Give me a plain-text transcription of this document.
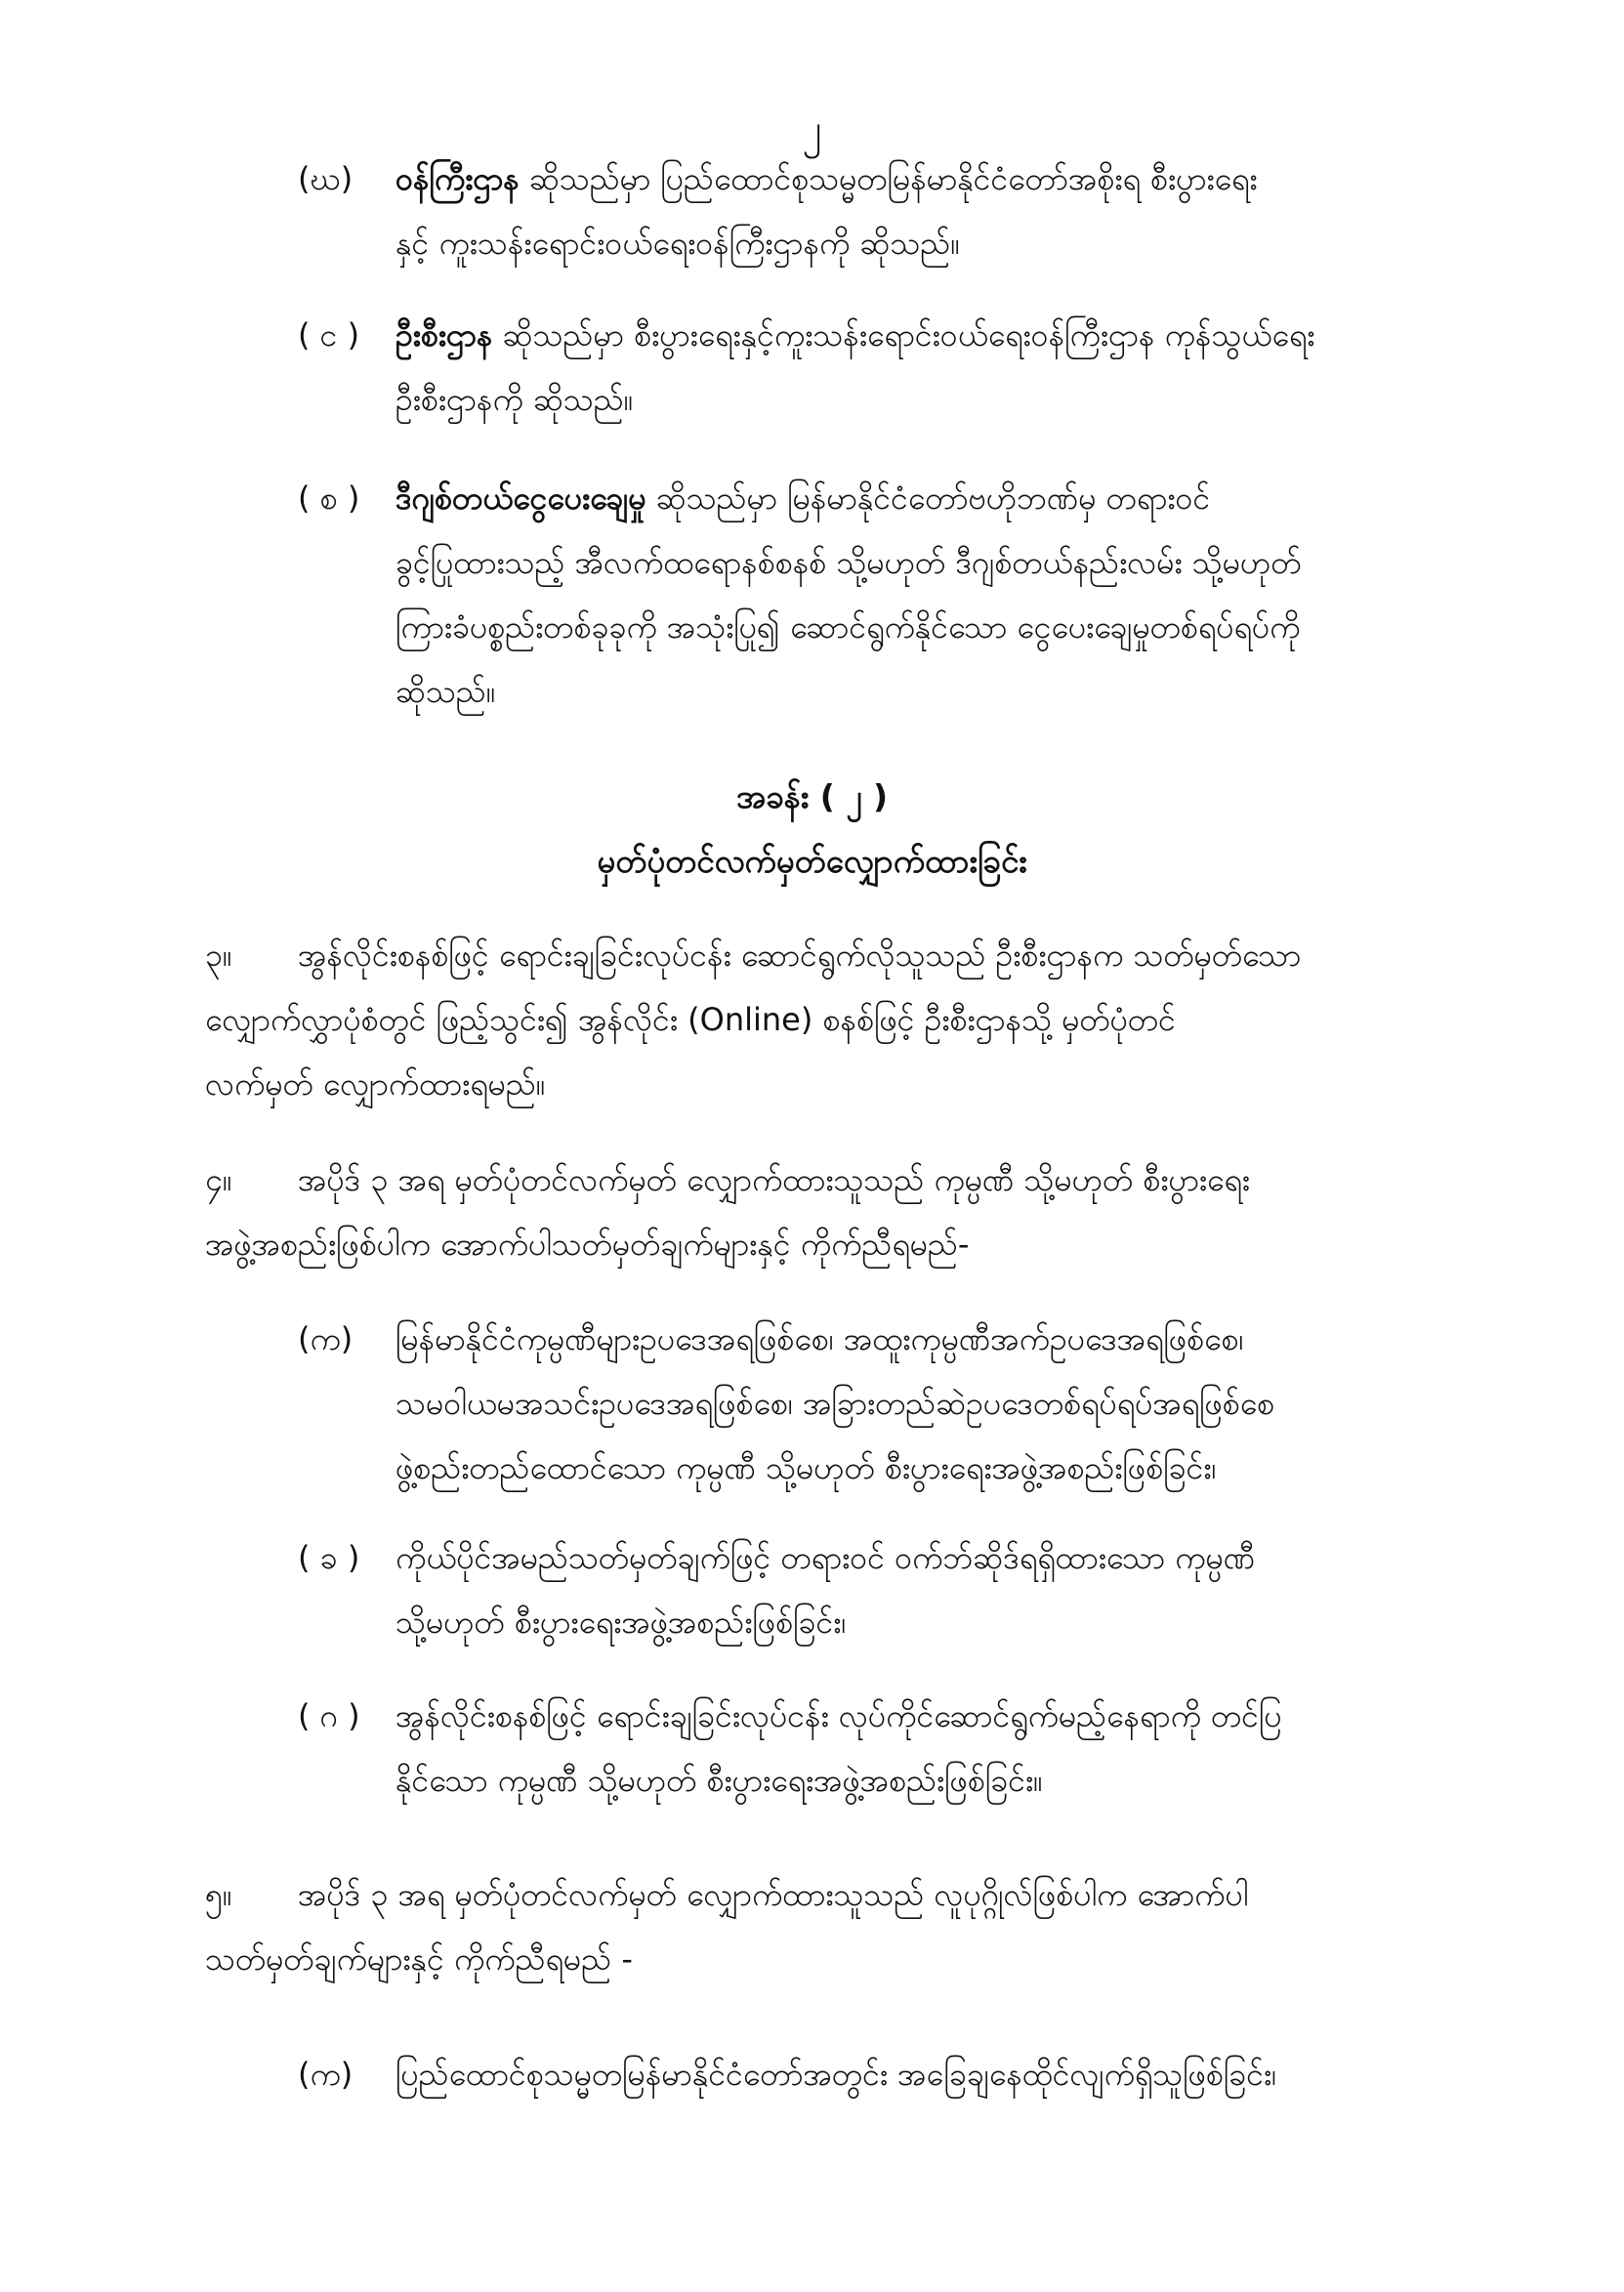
၂
(ဃ) ဝန်ကြီးဌာန ဆိုသည်မှာ ပြည်ထောင်စုသမ္မတမြန်မာနိုင်ငံတော်အစိုးရ စီးပွားရေး
နှင့် ကူးသန်းရောင်းဝယ်ရေးဝန်ကြီးဌာနကို ဆိုသည်။
( င ) ဦးစီးဌာန ဆိုသည်မှာ စီးပွားရေးနှင့်ကူးသန်းရောင်းဝယ်ရေးဝန်ကြီးဌာန ကုန်သွယ်ရေး
ဦးစီးဌာနကို ဆိုသည်။
( စ ) ဒီဂျစ်တယ်ငွေပေးချေမှု ဆိုသည်မှာ မြန်မာနိုင်ငံတော်ဗဟိုဘဏ်မှ တရားဝင်
ခွင့်ပြုထားသည့် အီလက်ထရောနစ်စနစ် သို့မဟုတ် ဒီဂျစ်တယ်နည်းလမ်း သို့မဟုတ်
ကြားခံပစ္စည်းတစ်ခုခုကို အသုံးပြု၍ ဆောင်ရွက်နိုင်သော ငွေပေးချေမှုတစ်ရပ်ရပ်ကို
ဆိုသည်။
အခန်း ( ၂ )
မှတ်ပုံတင်လက်မှတ်လျှောက်ထားခြင်း
၃။	အွန်လိုင်းစနစ်ဖြင့် ရောင်းချခြင်းလုပ်ငန်း ဆောင်ရွက်လိုသူသည် ဦးစီးဌာနက သတ်မှတ်သော
လျှောက်လွှာပုံစံတွင် ဖြည့်သွင်း၍ အွန်လိုင်း (Online) စနစ်ဖြင့် ဦးစီးဌာနသို့ မှတ်ပုံတင်
လက်မှတ် လျှောက်ထားရမည်။
၄။	အပိုဒ် ၃ အရ မှတ်ပုံတင်လက်မှတ် လျှောက်ထားသူသည် ကုမ္ပဏီ သို့မဟုတ် စီးပွားရေး
အဖွဲ့အစည်းဖြစ်ပါက အောက်ပါသတ်မှတ်ချက်များနှင့် ကိုက်ညီရမည်-
(က) မြန်မာနိုင်ငံကုမ္ပဏီများဥပဒေအရဖြစ်စေ၊ အထူးကုမ္ပဏီအက်ဥပဒေအရဖြစ်စေ၊
သမဝါယမအသင်းဥပဒေအရဖြစ်စေ၊ အခြားတည်ဆဲဥပဒေတစ်ရပ်ရပ်အရဖြစ်စေ
ဖွဲ့စည်းတည်ထောင်သော ကုမ္ပဏီ သို့မဟုတ် စီးပွားရေးအဖွဲ့အစည်းဖြစ်ခြင်း၊
( ခ ) ကိုယ်ပိုင်အမည်သတ်မှတ်ချက်ဖြင့် တရားဝင် ဝက်ဘ်ဆိုဒ်ရရှိထားသော ကုမ္ပဏီ
သို့မဟုတ် စီးပွားရေးအဖွဲ့အစည်းဖြစ်ခြင်း၊
( ဂ ) အွန်လိုင်းစနစ်ဖြင့် ရောင်းချခြင်းလုပ်ငန်း လုပ်ကိုင်ဆောင်ရွက်မည့်နေရာကို တင်ပြ
နိုင်သော ကုမ္ပဏီ သို့မဟုတ် စီးပွားရေးအဖွဲ့အစည်းဖြစ်ခြင်း။
၅။	အပိုဒ် ၃ အရ မှတ်ပုံတင်လက်မှတ် လျှောက်ထားသူသည် လူပုဂ္ဂိုလ်ဖြစ်ပါက အောက်ပါ
သတ်မှတ်ချက်များနှင့် ကိုက်ညီရမည် -
(က) ပြည်ထောင်စုသမ္မတမြန်မာနိုင်ငံတော်အတွင်း အခြေချနေထိုင်လျက်ရှိသူဖြစ်ခြင်း၊
